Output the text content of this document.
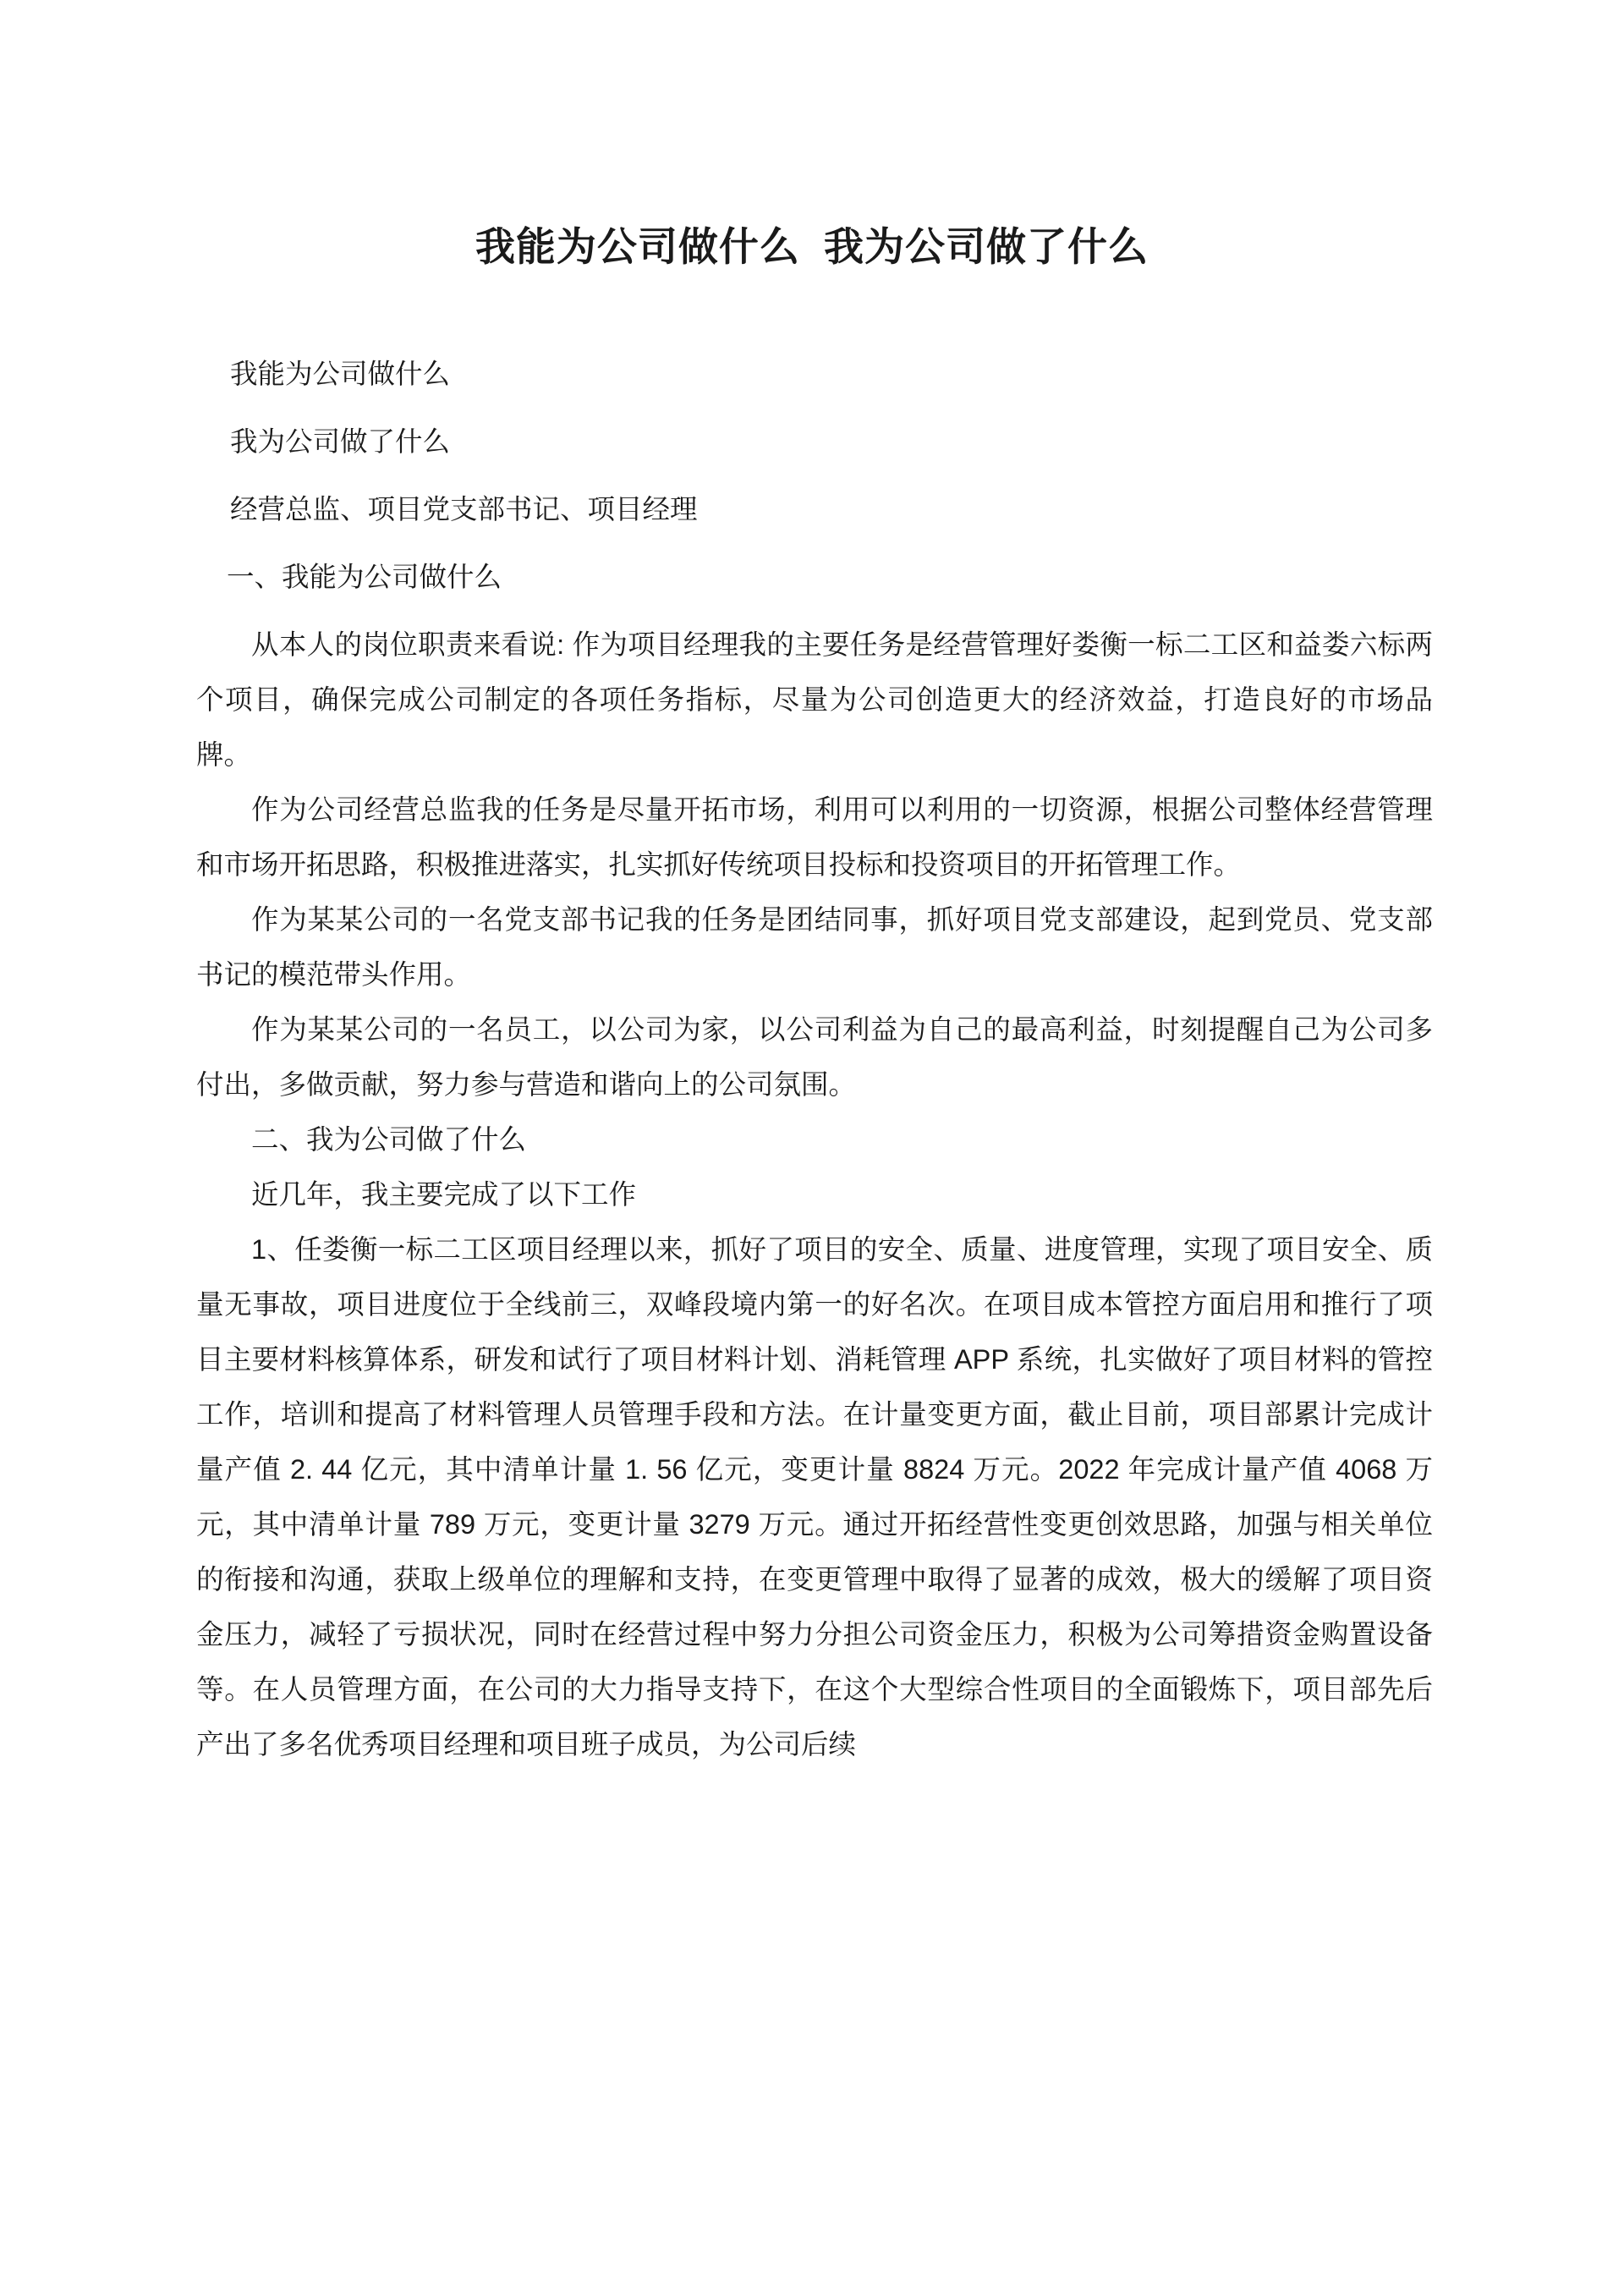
我能为公司做什么  我为公司做了什么

我能为公司做什么

我为公司做了什么

经营总监、项目党支部书记、项目经理

一、我能为公司做什么

从本人的岗位职责来看说: 作为项目经理我的主要任务是经营管理好娄衡一标二工区和益娄六标两个项目，确保完成公司制定的各项任务指标，尽量为公司创造更大的经济效益，打造良好的市场品牌。

作为公司经营总监我的任务是尽量开拓市场，利用可以利用的一切资源，根据公司整体经营管理和市场开拓思路，积极推进落实，扎实抓好传统项目投标和投资项目的开拓管理工作。

作为某某公司的一名党支部书记我的任务是团结同事，抓好项目党支部建设，起到党员、党支部书记的模范带头作用。

作为某某公司的一名员工，以公司为家，以公司利益为自己的最高利益，时刻提醒自己为公司多付出，多做贡献，努力参与营造和谐向上的公司氛围。

二、我为公司做了什么

近几年，我主要完成了以下工作

1、任娄衡一标二工区项目经理以来，抓好了项目的安全、质量、进度管理，实现了项目安全、质量无事故，项目进度位于全线前三，双峰段境内第一的好名次。在项目成本管控方面启用和推行了项目主要材料核算体系，研发和试行了项目材料计划、消耗管理 APP 系统，扎实做好了项目材料的管控工作，培训和提高了材料管理人员管理手段和方法。在计量变更方面，截止目前，项目部累计完成计量产值 2. 44 亿元，其中清单计量 1. 56 亿元，变更计量 8824 万元。2022 年完成计量产值 4068 万元，其中清单计量 789 万元，变更计量 3279 万元。通过开拓经营性变更创效思路，加强与相关单位的衔接和沟通，获取上级单位的理解和支持，在变更管理中取得了显著的成效，极大的缓解了项目资金压力，减轻了亏损状况，同时在经营过程中努力分担公司资金压力，积极为公司筹措资金购置设备等。在人员管理方面，在公司的大力指导支持下，在这个大型综合性项目的全面锻炼下，项目部先后产出了多名优秀项目经理和项目班子成员，为公司后续
